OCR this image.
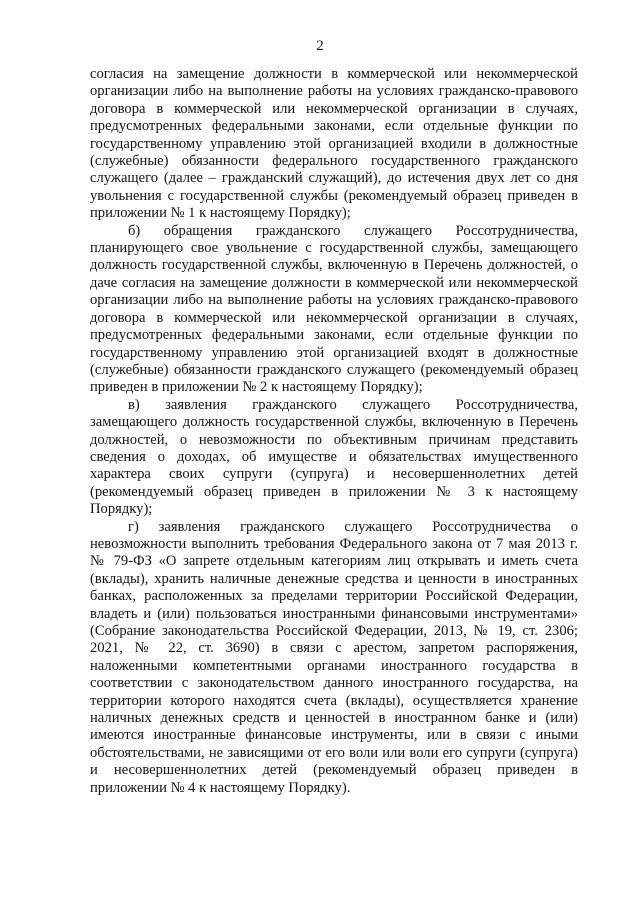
2

согласия на замещение должности в коммерческой или некоммерческой организации либо на выполнение работы на условиях гражданско-правового договора в коммерческой или некоммерческой организации в случаях, предусмотренных федеральными законами, если отдельные функции по государственному управлению этой организацией входили в должностные (служебные) обязанности федерального государственного гражданского служащего (далее – гражданский служащий), до истечения двух лет со дня увольнения с государственной службы (рекомендуемый образец приведен в приложении № 1 к настоящему Порядку);

б) обращения гражданского служащего Россотрудничества, планирующего свое увольнение с государственной службы, замещающего должность государственной службы, включенную в Перечень должностей, о даче согласия на замещение должности в коммерческой или некоммерческой организации либо на выполнение работы на условиях гражданско-правового договора в коммерческой или некоммерческой организации в случаях, предусмотренных федеральными законами, если отдельные функции по государственному управлению этой организацией входят в должностные (служебные) обязанности гражданского служащего (рекомендуемый образец приведен в приложении № 2 к настоящему Порядку);

в) заявления гражданского служащего Россотрудничества, замещающего должность государственной службы, включенную в Перечень должностей, о невозможности по объективным причинам представить сведения о доходах, об имуществе и обязательствах имущественного характера своих супруги (супруга) и несовершеннолетних детей (рекомендуемый образец приведен в приложении № 3 к настоящему Порядку);

г) заявления гражданского служащего Россотрудничества о невозможности выполнить требования Федерального закона от 7 мая 2013 г. № 79-ФЗ «О запрете отдельным категориям лиц открывать и иметь счета (вклады), хранить наличные денежные средства и ценности в иностранных банках, расположенных за пределами территории Российской Федерации, владеть и (или) пользоваться иностранными финансовыми инструментами» (Собрание законодательства Российской Федерации, 2013, № 19, ст. 2306; 2021, № 22, ст. 3690) в связи с арестом, запретом распоряжения, наложенными компетентными органами иностранного государства в соответствии с законодательством данного иностранного государства, на территории которого находятся счета (вклады), осуществляется хранение наличных денежных средств и ценностей в иностранном банке и (или) имеются иностранные финансовые инструменты, или в связи с иными обстоятельствами, не зависящими от его воли или воли его супруги (супруга) и несовершеннолетних детей (рекомендуемый образец приведен в приложении № 4 к настоящему Порядку).
